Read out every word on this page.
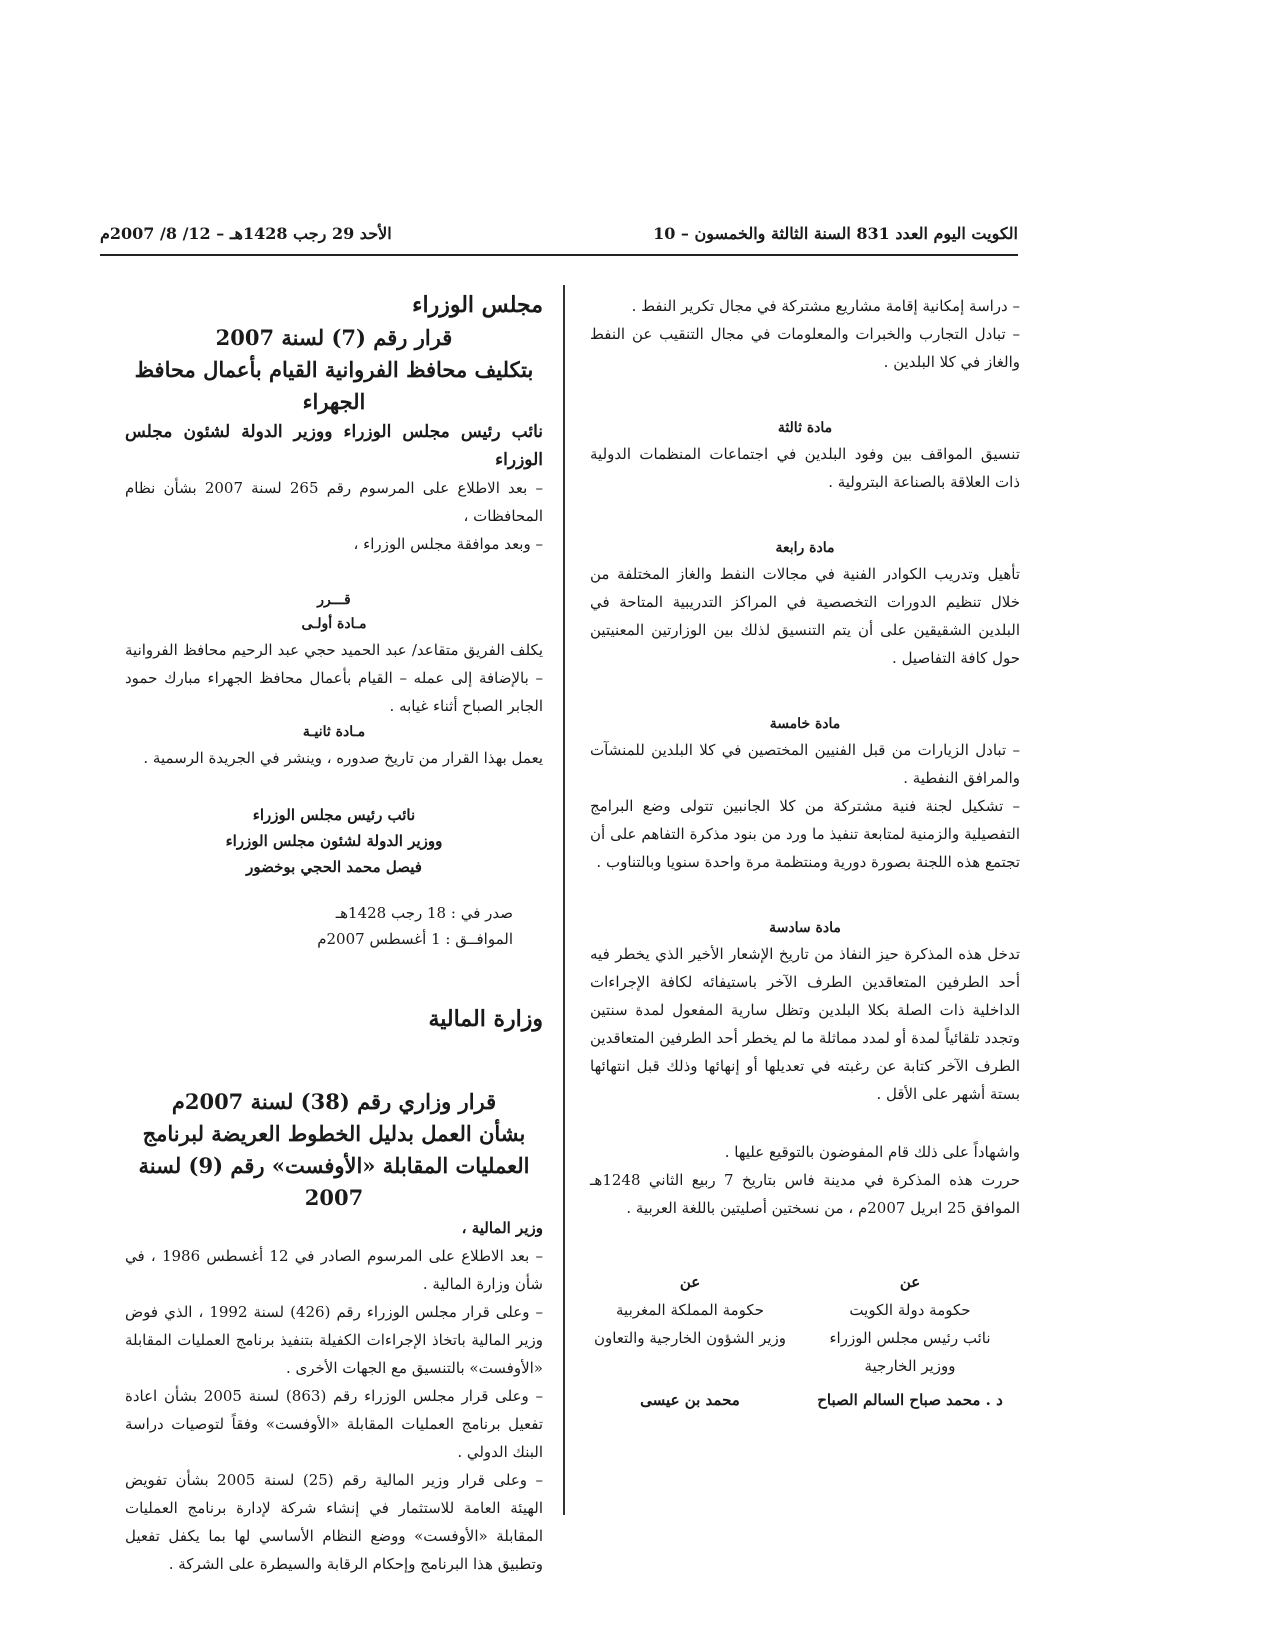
الكويت اليوم العدد 831 السنة الثالثة والخمسون – 10
الأحد 29 رجب 1428هـ – 12/ 8/ 2007م

– دراسة إمكانية إقامة مشاريع مشتركة في مجال تكرير النفط .

– تبادل التجارب والخبرات والمعلومات في مجال التنقيب عن النفط والغاز في كلا البلدين .

مادة ثالثة

تنسيق المواقف بين وفود البلدين في اجتماعات المنظمات الدولية ذات العلاقة بالصناعة البترولية .

مادة رابعة

تأهيل وتدريب الكوادر الفنية في مجالات النفط والغاز المختلفة من خلال تنظيم الدورات التخصصية في المراكز التدريبية المتاحة في البلدين الشقيقين على أن يتم التنسيق لذلك بين الوزارتين المعنيتين حول كافة التفاصيل .

مادة خامسة

– تبادل الزيارات من قبل الفنيين المختصين في كلا البلدين للمنشآت والمرافق النفطية .

– تشكيل لجنة فنية مشتركة من كلا الجانبين تتولى وضع البرامج التفصيلية والزمنية لمتابعة تنفيذ ما ورد من بنود مذكرة التفاهم على أن تجتمع هذه اللجنة بصورة دورية ومنتظمة مرة واحدة سنويا وبالتناوب .

مادة سادسة

تدخل هذه المذكرة حيز النفاذ من تاريخ الإشعار الأخير الذي يخطر فيه أحد الطرفين المتعاقدين الطرف الآخر باستيفائه لكافة الإجراءات الداخلية ذات الصلة بكلا البلدين وتظل سارية المفعول لمدة سنتين وتجدد تلقائياً لمدة أو لمدد مماثلة ما لم يخطر أحد الطرفين المتعاقدين الطرف الآخر كتابة عن رغبته في تعديلها أو إنهائها وذلك قبل انتهائها بستة أشهر على الأقل .

واشهاداً على ذلك قام المفوضون بالتوقيع عليها .

حررت هذه المذكرة في مدينة فاس بتاريخ 7 ربيع الثاني 1248هـ الموافق 25 ابريل 2007م ، من نسختين أصليتين باللغة العربية .

عن
حكومة دولة الكويت
نائب رئيس مجلس الوزراء
ووزير الخارجية
د . محمد صباح السالم الصباح
عن
حكومة المملكة المغربية
وزير الشؤون الخارجية والتعاون
محمد بن عيسى

مجلس الوزراء

قرار رقم (7) لسنة 2007

بتكليف محافظ الفروانية القيام بأعمال محافظ الجهراء

نائب رئيس مجلس الوزراء ووزير الدولة لشئون مجلس الوزراء

– بعد الاطلاع على المرسوم رقم 265 لسنة 2007 بشأن نظام المحافظات ،

– وبعد موافقة مجلس الوزراء ،

قـــرر

مـادة أولـى

يكلف الفريق متقاعد/ عبد الحميد حجي عبد الرحيم محافظ الفروانية – بالإضافة إلى عمله – القيام بأعمال محافظ الجهراء مبارك حمود الجابر الصباح أثناء غيابه .

مـادة ثانيـة

يعمل بهذا القرار من تاريخ صدوره ، وينشر في الجريدة الرسمية .

نائب رئيس مجلس الوزراء
ووزير الدولة لشئون مجلس الوزراء
فيصل محمد الحجي بوخضور

صدر في : 18 رجب 1428هـ

الموافــق : 1 أغسطس 2007م

وزارة المالية

قرار وزاري رقم (38) لسنة 2007م

بشأن العمل بدليل الخطوط العريضة لبرنامج العمليات المقابلة «الأوفست» رقم (9) لسنة 2007

وزير المالية ،

– بعد الاطلاع على المرسوم الصادر في 12 أغسطس 1986 ، في شأن وزارة المالية .

– وعلى قرار مجلس الوزراء رقم (426) لسنة 1992 ، الذي فوض وزير المالية باتخاذ الإجراءات الكفيلة بتنفيذ برنامج العمليات المقابلة «الأوفست» بالتنسيق مع الجهات الأخرى .

– وعلى قرار مجلس الوزراء رقم (863) لسنة 2005 بشأن اعادة تفعيل برنامج العمليات المقابلة «الأوفست» وفقاً لتوصيات دراسة البنك الدولي .

– وعلى قرار وزير المالية رقم (25) لسنة 2005 بشأن تفويض الهيئة العامة للاستثمار في إنشاء شركة لإدارة برنامج العمليات المقابلة «الأوفست» ووضع النظام الأساسي لها بما يكفل تفعيل وتطبيق هذا البرنامج وإحكام الرقابة والسيطرة على الشركة .
